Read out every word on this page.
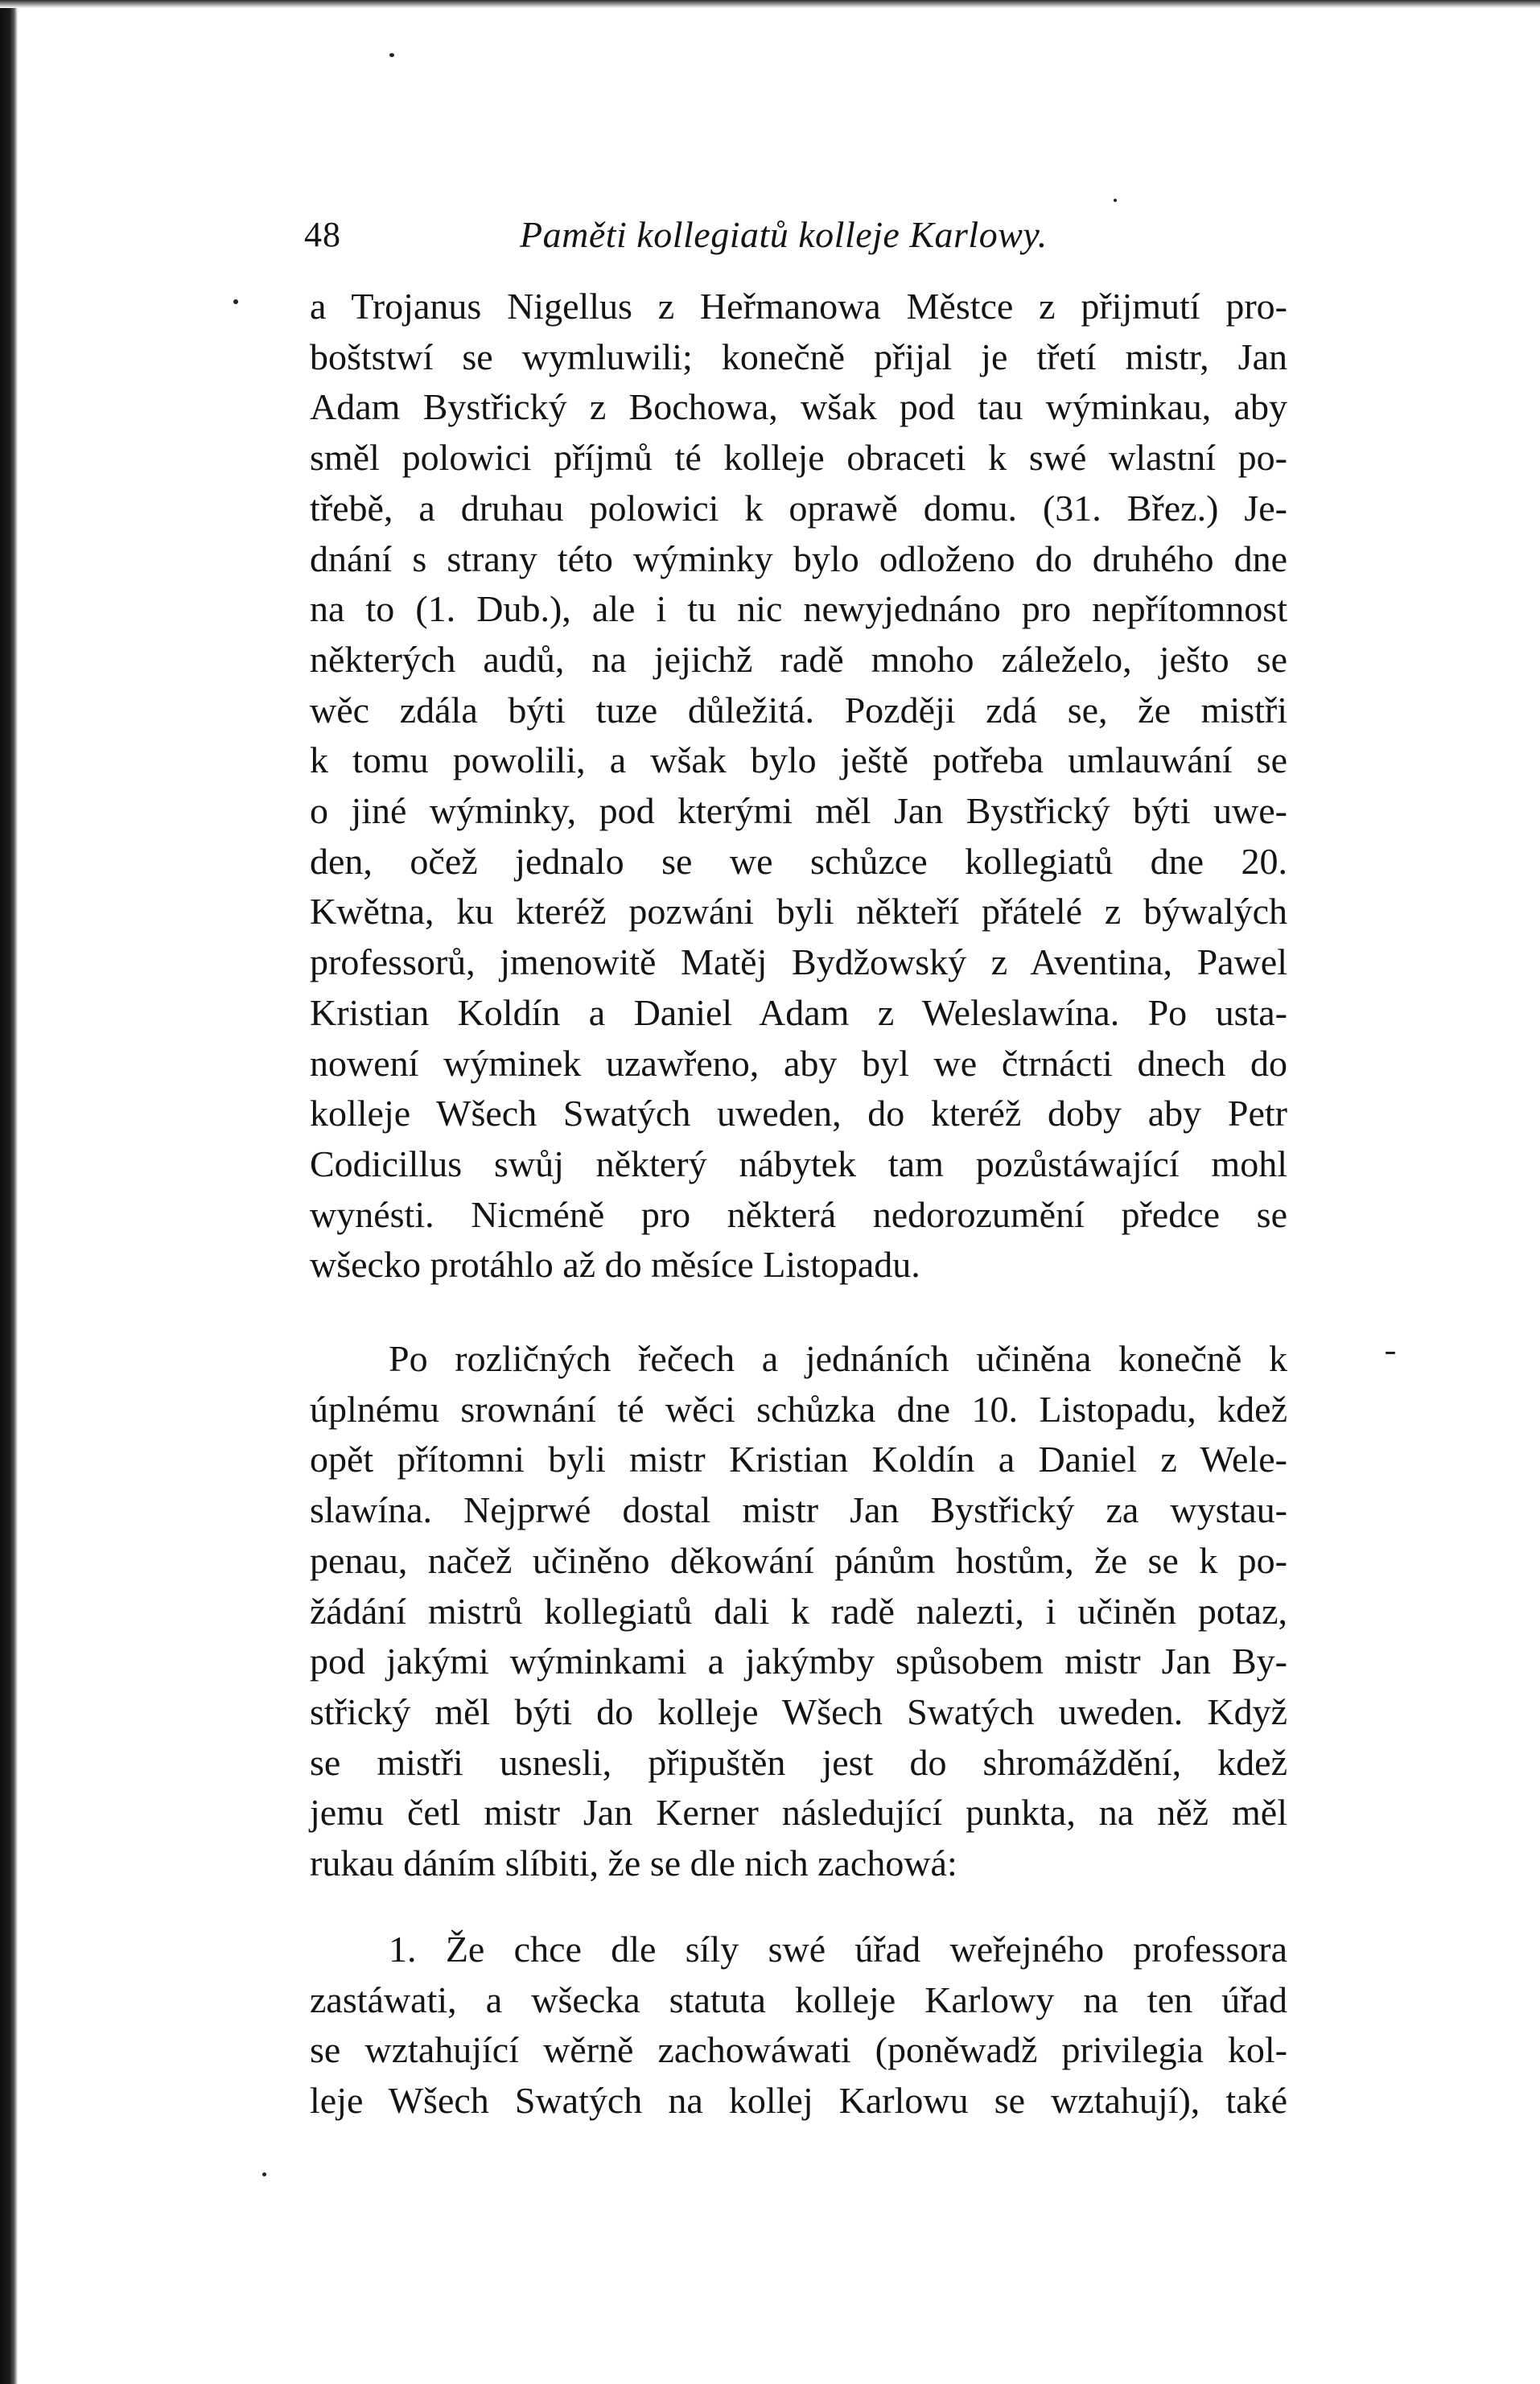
48	Paměti kollegiatů kolleje Karlowy.
a Trojanus Nigellus z Heřmanowa Městce z přijmutí pro-
boštstwí se wymluwili; konečně přijal je třetí mistr, Jan
Adam Bystřický z Bochowa, wšak pod tau wýminkau, aby
směl polowici příjmů té kolleje obraceti k swé wlastní po-
třebě, a druhau polowici k oprawě domu. (31. Břez.) Je-
dnání s strany této wýminky bylo odloženo do druhého dne
na to (1. Dub.), ale i tu nic newyjednáno pro nepřítomnost
některých audů, na jejichž radě mnoho záleželo, ješto se
wěc zdála býti tuze důležitá. Později zdá se, že mistři
k tomu powolili, a wšak bylo ještě potřeba umlauwání se
o jiné wýminky, pod kterými měl Jan Bystřický býti uwe-
den, očež jednalo se we schůzce kollegiatů dne 20.
Kwětna, ku kteréž pozwáni byli někteří přátelé z býwalých
professorů, jmenowitě Matěj Bydžowský z Aventina, Pawel
Kristian Koldín a Daniel Adam z Weleslawína. Po usta-
nowení wýminek uzawřeno, aby byl we čtrnácti dnech do
kolleje Wšech Swatých uweden, do kteréž doby aby Petr
Codicillus swůj některý nábytek tam pozůstáwající mohl
wynésti. Nicméně pro některá nedorozumění předce se
wšecko protáhlo až do měsíce Listopadu.
Po rozličných řečech a jednáních učiněna konečně k
úplnému srownání té wěci schůzka dne 10. Listopadu, kdež
opět přítomni byli mistr Kristian Koldín a Daniel z Wele-
slawína. Nejprwé dostal mistr Jan Bystřický za wystau-
penau, načež učiněno děkowání pánům hostům, že se k po-
žádání mistrů kollegiatů dali k radě nalezti, i učiněn potaz,
pod jakými wýminkami a jakýmby spůsobem mistr Jan By-
střický měl býti do kolleje Wšech Swatých uweden. Když
se mistři usnesli, připuštěn jest do shromáždění, kdež
jemu četl mistr Jan Kerner následující punkta, na něž měl
rukau dáním slíbiti, že se dle nich zachowá:
1. Že chce dle síly swé úřad weřejného professora
zastáwati, a wšecka statuta kolleje Karlowy na ten úřad
se wztahující wěrně zachowáwati (poněwadž privilegia kol-
leje Wšech Swatých na kollej Karlowu se wztahují), také
